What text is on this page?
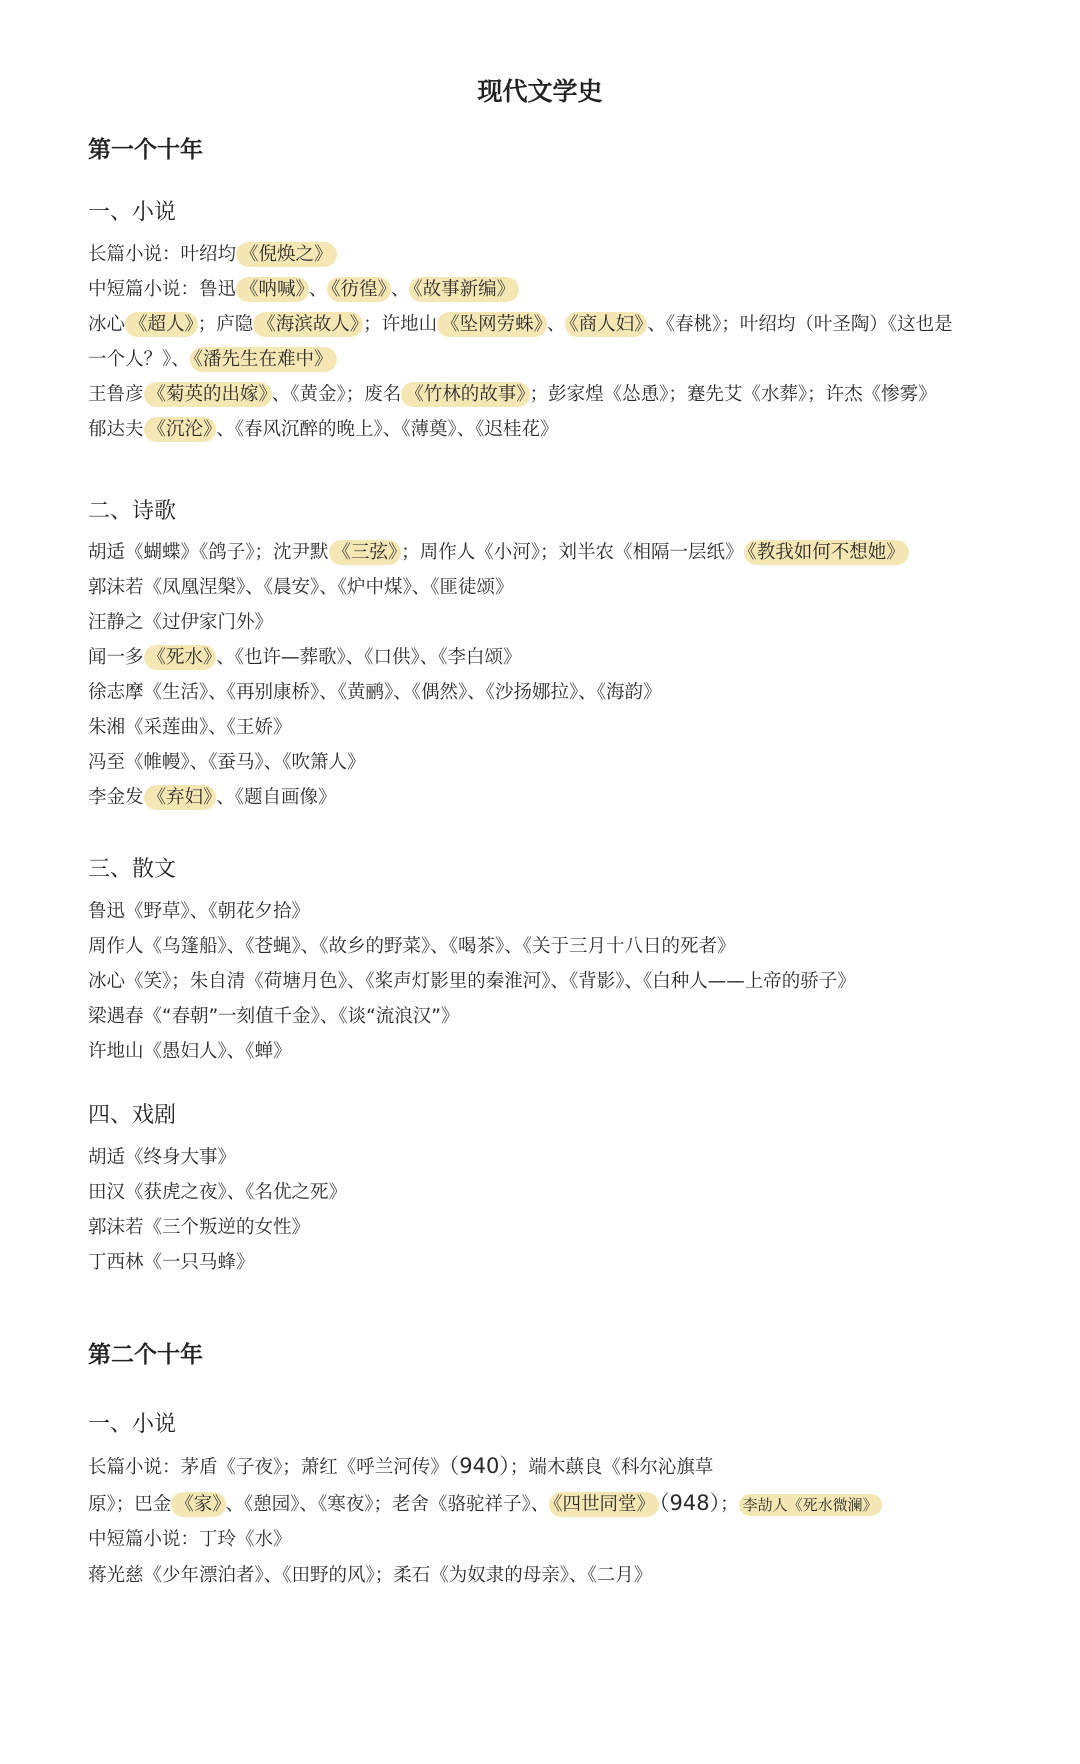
现代文学史
第一个十年
一、小说
长篇小说：叶绍均 《倪焕之》
中短篇小说：鲁迅 《呐喊》 、 《彷徨》 、 《故事新编》
冰心 《超人》 ；庐隐 《海滨故人》 ；许地山 《坠网劳蛛》 、 《商人妇》 、《春桃》；叶绍均（叶圣陶）《这也是
一个人？》、 《潘先生在难中》
王鲁彦 《菊英的出嫁》 、《黄金》；废名 《竹林的故事》 ；彭家煌《怂恿》；蹇先艾《水葬》；许杰《惨雾》
郁达夫 《沉沦》 、《春风沉醉的晚上》、《薄奠》、《迟桂花》
二、诗歌
胡适《蝴蝶》《鸽子》；沈尹默 《三弦》 ；周作人《小河》；刘半农《相隔一层纸》 《教我如何不想她》
郭沫若《凤凰涅槃》、《晨安》、《炉中煤》、《匪徒颂》
汪静之《过伊家门外》
闻一多 《死水》 、《也许—葬歌》、《口供》、《李白颂》
徐志摩《生活》、《再别康桥》、《黄鹂》、《偶然》、《沙扬娜拉》、《海韵》
朱湘《采莲曲》、《王娇》
冯至《帷幔》、《蚕马》、《吹箫人》
李金发 《弃妇》 、《题自画像》
三、散文
鲁迅《野草》、《朝花夕拾》
周作人《乌篷船》、《苍蝇》、《故乡的野菜》、《喝茶》、《关于三月十八日的死者》
冰心《笑》；朱自清《荷塘月色》、《桨声灯影里的秦淮河》、《背影》、《白种人——上帝的骄子》
梁遇春《“春朝”一刻值千金》、《谈“流浪汉”》
许地山《愚妇人》、《蝉》
四、戏剧
胡适《终身大事》
田汉《获虎之夜》、《名优之死》
郭沫若《三个叛逆的女性》
丁西林《一只马蜂》
第二个十年
一、小说
长篇小说：茅盾《子夜》；萧红《呼兰河传》（940）；端木蕻良《科尔沁旗草
原》；巴金 《家》 、《憩园》、《寒夜》；老舍《骆驼祥子》、 《四世同堂》 （948）； 李劼人《死水微澜》
中短篇小说：丁玲《水》
蒋光慈《少年漂泊者》、《田野的风》；柔石《为奴隶的母亲》、《二月》
